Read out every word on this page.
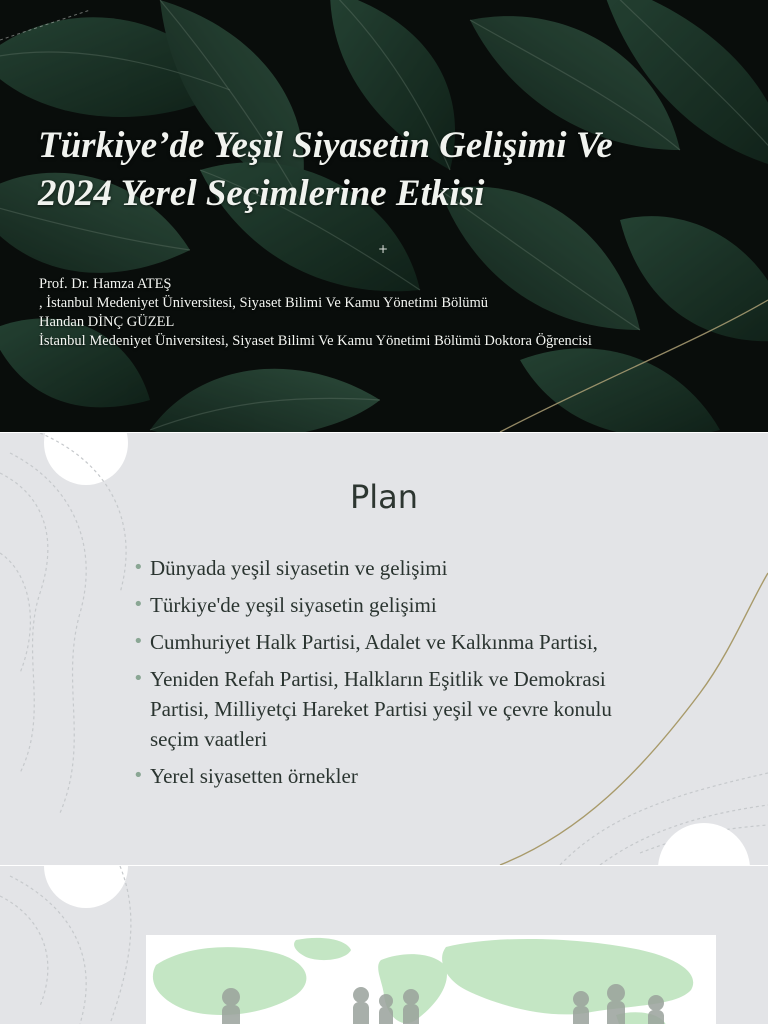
Türkiye’de Yeşil Siyasetin Gelişimi Ve
2024 Yerel Seçimlerine Etkisi
+
Prof. Dr. Hamza ATEŞ
, İstanbul Medeniyet Üniversitesi, Siyaset Bilimi Ve Kamu Yönetimi Bölümü
Handan DİNÇ GÜZEL
İstanbul Medeniyet Üniversitesi, Siyaset Bilimi Ve Kamu Yönetimi Bölümü Doktora Öğrencisi
Plan
• Dünyada yeşil siyasetin ve gelişimi
• Türkiye'de yeşil siyasetin gelişimi
• Cumhuriyet Halk Partisi, Adalet ve Kalkınma Partisi,
• Yeniden Refah Partisi, Halkların Eşitlik ve Demokrasi Partisi, Milliyetçi Hareket Partisi yeşil ve çevre konulu seçim vaatleri
• Yerel siyasetten örnekler
